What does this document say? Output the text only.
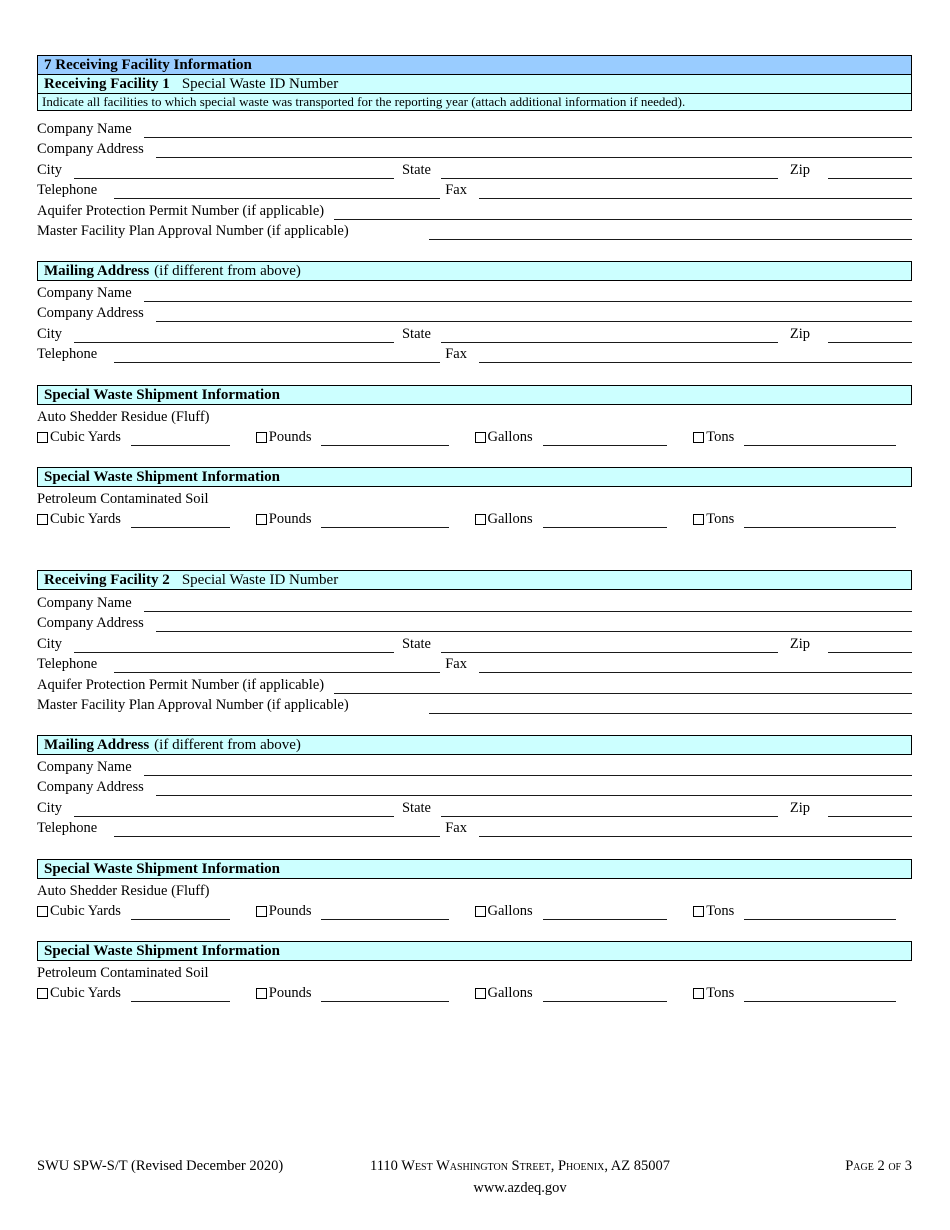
7 Receiving Facility Information
Receiving Facility 1 Special Waste ID Number
Indicate all facilities to which special waste was transported for the reporting year (attach additional information if needed).
Company Name
Company Address
City	State	Zip
Telephone	Fax
Aquifer Protection Permit Number (if applicable)
Master Facility Plan Approval Number (if applicable)
Mailing Address (if different from above)
Company Name
Company Address
City	State	Zip
Telephone	Fax
Special Waste Shipment Information
Auto Shedder Residue (Fluff)
Cubic Yards	Pounds	Gallons	Tons
Special Waste Shipment Information
Petroleum Contaminated Soil
Cubic Yards	Pounds	Gallons	Tons
Receiving Facility 2 Special Waste ID Number
Company Name
Company Address
City	State	Zip
Telephone	Fax
Aquifer Protection Permit Number (if applicable)
Master Facility Plan Approval Number (if applicable)
Mailing Address (if different from above)
Company Name
Company Address
City	State	Zip
Telephone	Fax
Special Waste Shipment Information
Auto Shedder Residue (Fluff)
Cubic Yards	Pounds	Gallons	Tons
Special Waste Shipment Information
Petroleum Contaminated Soil
Cubic Yards	Pounds	Gallons	Tons
SWU SPW-S/T (Revised December 2020)	1110 West Washington Street, Phoenix, AZ 85007	Page 2 of 3
www.azdeq.gov
